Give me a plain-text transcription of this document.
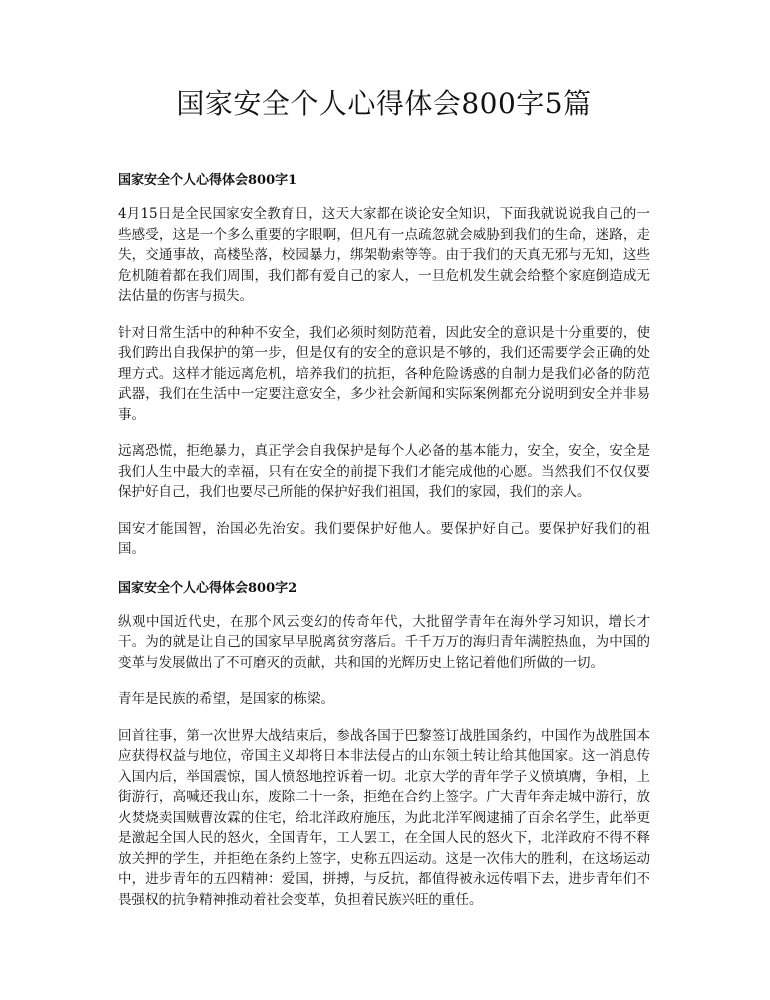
国家安全个人心得体会800字5篇
国家安全个人心得体会800字1

4月15日是全民国家安全教育日，这天大家都在谈论安全知识，下面我就说说我自己的一些感受，这是一个多么重要的字眼啊，但凡有一点疏忽就会威胁到我们的生命，迷路，走失，交通事故，高楼坠落，校园暴力，绑架勒索等等。由于我们的天真无邪与无知，这些危机随着都在我们周围，我们都有爱自己的家人，一旦危机发生就会给整个家庭倒造成无法估量的伤害与损失。

针对日常生活中的种种不安全，我们必须时刻防范着，因此安全的意识是十分重要的，使我们跨出自我保护的第一步，但是仅有的安全的意识是不够的，我们还需要学会正确的处理方式。这样才能远离危机，培养我们的抗拒，各种危险诱惑的自制力是我们必备的防范武器，我们在生活中一定要注意安全，多少社会新闻和实际案例都充分说明到安全并非易事。

远离恐慌，拒绝暴力，真正学会自我保护是每个人必备的基本能力，安全，安全，安全是我们人生中最大的幸福，只有在安全的前提下我们才能完成他的心愿。当然我们不仅仅要保护好自己，我们也要尽己所能的保护好我们祖国，我们的家园，我们的亲人。

国安才能国智，治国必先治安。我们要保护好他人。要保护好自己。要保护好我们的祖国。

国家安全个人心得体会800字2

纵观中国近代史，在那个风云变幻的传奇年代，大批留学青年在海外学习知识，增长才干。为的就是让自己的国家早早脱离贫穷落后。千千万万的海归青年满腔热血，为中国的变革与发展做出了不可磨灭的贡献，共和国的光辉历史上铭记着他们所做的一切。

青年是民族的希望，是国家的栋梁。

回首往事，第一次世界大战结束后，参战各国于巴黎签订战胜国条约，中国作为战胜国本应获得权益与地位，帝国主义却将日本非法侵占的山东领土转让给其他国家。这一消息传入国内后，举国震惊，国人愤怒地控诉着一切。北京大学的青年学子义愤填膺，争相，上街游行，高喊还我山东，废除二十一条，拒绝在合约上签字。广大青年奔走城中游行，放火焚烧卖国贼曹汝霖的住宅，给北洋政府施压，为此北洋军阀逮捕了百余名学生，此举更是激起全国人民的怒火，全国青年，工人罢工，在全国人民的怒火下，北洋政府不得不释放关押的学生，并拒绝在条约上签字，史称五四运动。这是一次伟大的胜利，在这场运动中，进步青年的五四精神：爱国，拼搏，与反抗，都值得被永远传唱下去，进步青年们不畏强权的抗争精神推动着社会变革，负担着民族兴旺的重任。
